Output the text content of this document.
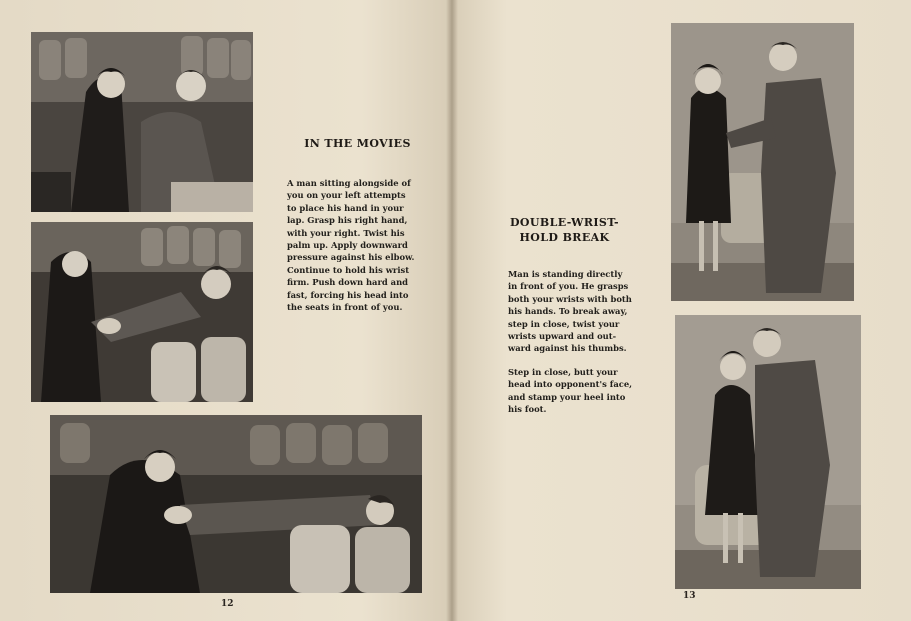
IN THE MOVIES

A man sitting alongside of
you on your left attempts
to place his hand in your
lap. Grasp his right hand,
with your right. Twist his
palm up. Apply downward
pressure against his elbow.
Continue to hold his wrist
firm. Push down hard and
fast, forcing his head into
the seats in front of you.

12

DOUBLE-WRIST-
HOLD BREAK

Man is standing directly
in front of you. He grasps
both your wrists with both
his hands. To break away,
step in close, twist your
wrists upward and out-
ward against his thumbs.

Step in close, butt your
head into opponent's face,
and stamp your heel into
his foot.

13
